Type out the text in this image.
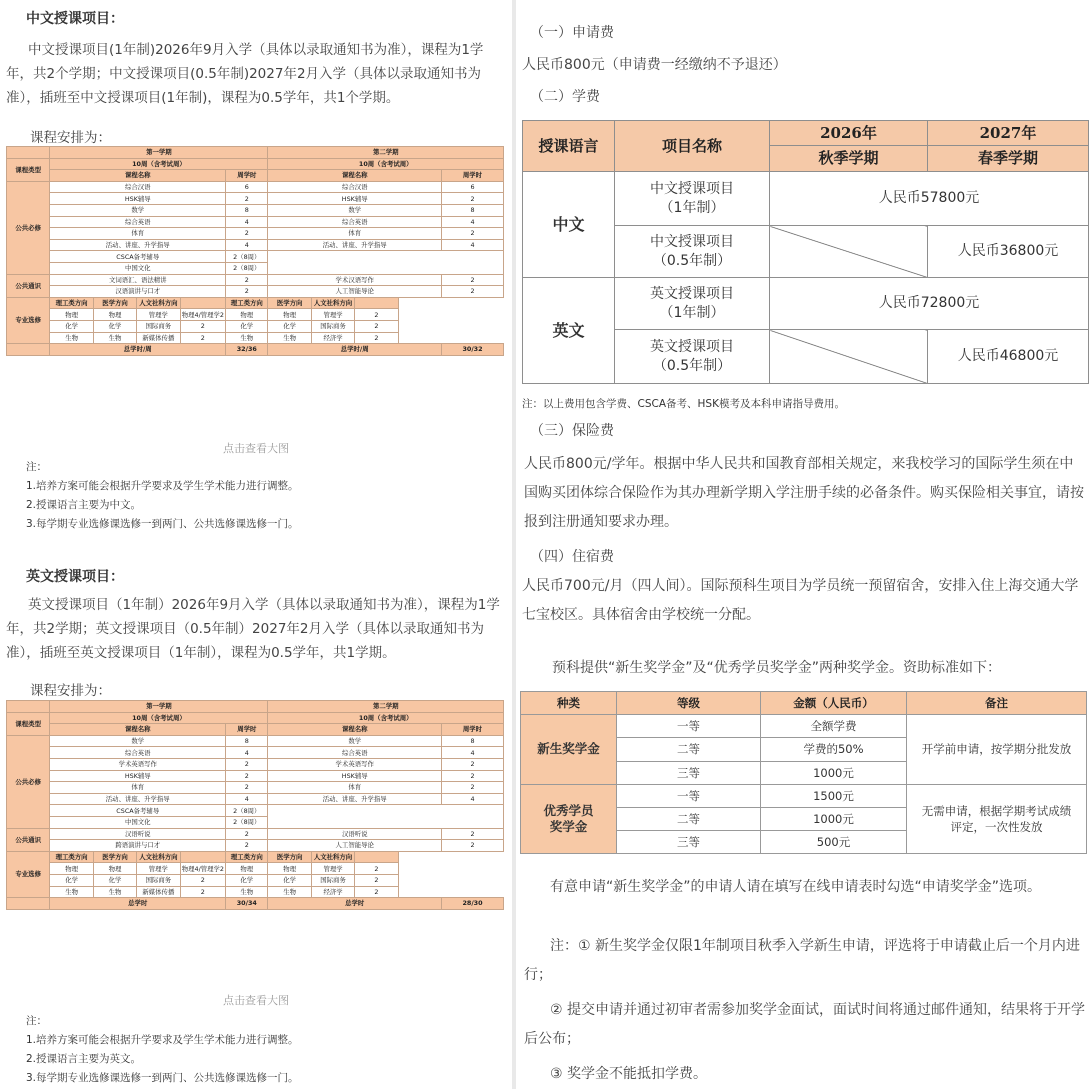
中文授课项目：
中文授课项目(1年制)2026年9月入学（具体以录取通知书为准），课程为1学年，共2个学期；中文授课项目(0.5年制)2027年2月入学（具体以录取通知书为准），插班至中文授课项目(1年制)，课程为0.5学年，共1个学期。
课程安排为：
	第一学期					第二学期			
课程类型	10周（含考试周）					10周（含考试周）			
	课程名称				周学时	课程名称			周学时
公共必修	综合汉语				6	综合汉语			6
	HSK辅导				2	HSK辅导			2
	数学				8	数学			8
	综合英语				4	综合英语			4
	体育				2	体育			2
	活动、讲座、升学指导				4	活动、讲座、升学指导			4
	CSCA备考辅导				2（8周）				
	中国文化				2（8周）				
公共通识	文词语汇、语法精讲				2	学术汉语写作			2
	汉语演讲与口才				2	人工智能导论			2
专业选修	理工类方向	医学方向	人文社科方向		理工类方向	医学方向	人文社科方向		
	物理	物理	管理学	物理4/管理学2	物理	物理	管理学	2	
	化学	化学	国际商务	2	化学	化学	国际商务	2	
	生物	生物	新媒体传播	2	生物	生物	经济学	2	
	总学时/周				32/36	总学时/周			30/32
点击查看大图
注：
1.培养方案可能会根据升学要求及学生学术能力进行调整。
2.授课语言主要为中文。
3.每学期专业选修课选修一到两门、公共选修课选修一门。
英文授课项目：
英文授课项目（1年制）2026年9月入学（具体以录取通知书为准），课程为1学年，共2学期；英文授课项目（0.5年制）2027年2月入学（具体以录取通知书为准），插班至英文授课项目（1年制），课程为0.5学年，共1学期。
课程安排为：
	第一学期					第二学期			
课程类型	10周（含考试周）					10周（含考试周）			
	课程名称				周学时	课程名称			周学时
公共必修	数学				8	数学			8
	综合英语				4	综合英语			4
	学术英语写作				2	学术英语写作			2
	HSK辅导				2	HSK辅导			2
	体育				2	体育			2
	活动、讲座、升学指导				4	活动、讲座、升学指导			4
	CSCA备考辅导				2（8周）				
	中国文化				2（8周）				
公共通识	汉语听说				2	汉语听说			2
	跨语演讲与口才				2	人工智能导论			2
专业选修	理工类方向	医学方向	人文社科方向		理工类方向	医学方向	人文社科方向		
	物理	物理	管理学	物理4/管理学2	物理	物理	管理学	2	
	化学	化学	国际商务	2	化学	化学	国际商务	2	
	生物	生物	新媒体传播	2	生物	生物	经济学	2	
	总学时				30/34	总学时			28/30
点击查看大图
注：
1.培养方案可能会根据升学要求及学生学术能力进行调整。
2.授课语言主要为英文。
3.每学期专业选修课选修一到两门、公共选修课选修一门。
（一）申请费
人民币800元（申请费一经缴纳不予退还）
（二）学费
授课语言	项目名称	2026年	2027年
		秋季学期	春季学期
中文	中文授课项目
（1年制）	人民币57800元	
	中文授课项目
（0.5年制）		人民币36800元
英文	英文授课项目
（1年制）	人民币72800元	
	英文授课项目
（0.5年制）		人民币46800元
注：以上费用包含学费、CSCA备考、HSK模考及本科申请指导费用。
（三）保险费
人民币800元/学年。根据中华人民共和国教育部相关规定，来我校学习的国际学生须在中国购买团体综合保险作为其办理新学期入学注册手续的必备条件。购买保险相关事宜，请按报到注册通知要求办理。
（四）住宿费
人民币700元/月（四人间）。国际预科生项目为学员统一预留宿舍，安排入住上海交通大学七宝校区。具体宿舍由学校统一分配。
预科提供“新生奖学金”及“优秀学员奖学金”两种奖学金。资助标准如下：
种类	等级	金额（人民币）	备注
新生奖学金	一等	全额学费	开学前申请，按学期分批发放
	二等	学费的50%	
	三等	1000元	
优秀学员
奖学金	一等	1500元	无需申请，根据学期考试成绩
评定，一次性发放
	二等	1000元	
	三等	500元	
有意申请“新生奖学金”的申请人请在填写在线申请表时勾选“申请奖学金”选项。
注：① 新生奖学金仅限1年制项目秋季入学新生申请，评选将于申请截止后一个月内进行；
② 提交申请并通过初审者需参加奖学金面试，面试时间将通过邮件通知，结果将于开学后公布；
③ 奖学金不能抵扣学费。
